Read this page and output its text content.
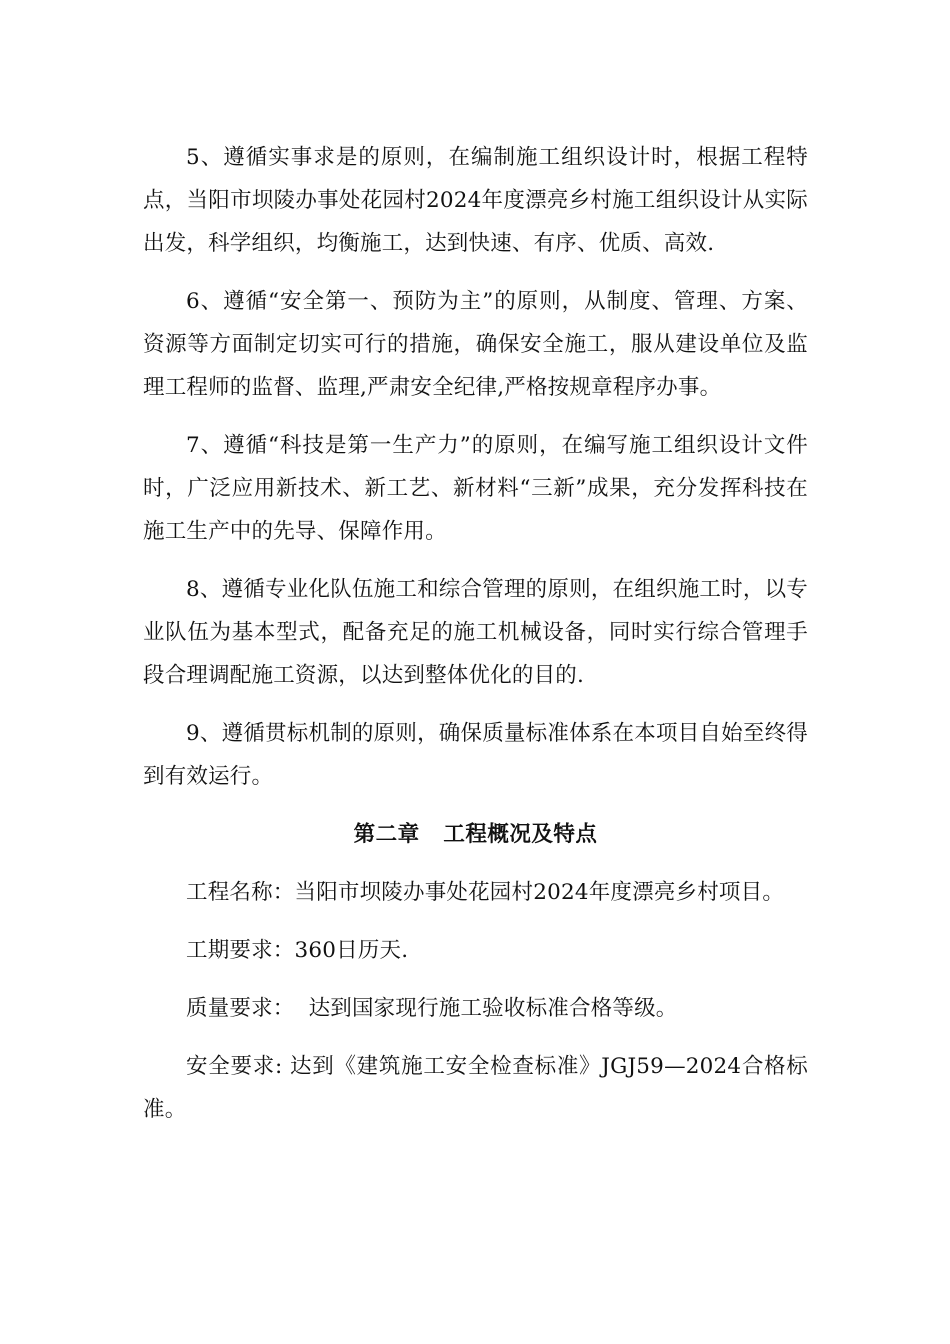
5、遵循实事求是的原则，在编制施工组织设计时，根据工程特点，当阳市坝陵办事处花园村2024年度漂亮乡村施工组织设计从实际出发，科学组织，均衡施工，达到快速、有序、优质、高效.

6、遵循“安全第一、预防为主”的原则，从制度、管理、方案、资源等方面制定切实可行的措施，确保安全施工，服从建设单位及监理工程师的监督、监理,严肃安全纪律,严格按规章程序办事。

7、遵循“科技是第一生产力”的原则，在编写施工组织设计文件时，广泛应用新技术、新工艺、新材料“三新”成果，充分发挥科技在施工生产中的先导、保障作用。

8、遵循专业化队伍施工和综合管理的原则，在组织施工时，以专业队伍为基本型式，配备充足的施工机械设备，同时实行综合管理手段合理调配施工资源，以达到整体优化的目的.

9、遵循贯标机制的原则，确保质量标准体系在本项目自始至终得到有效运行。

第二章 工程概况及特点

工程名称：当阳市坝陵办事处花园村2024年度漂亮乡村项目。

工期要求：360日历天.

质量要求：  达到国家现行施工验收标准合格等级。

安全要求: 达到《建筑施工安全检查标准》JGJ59—2024合格标准。
